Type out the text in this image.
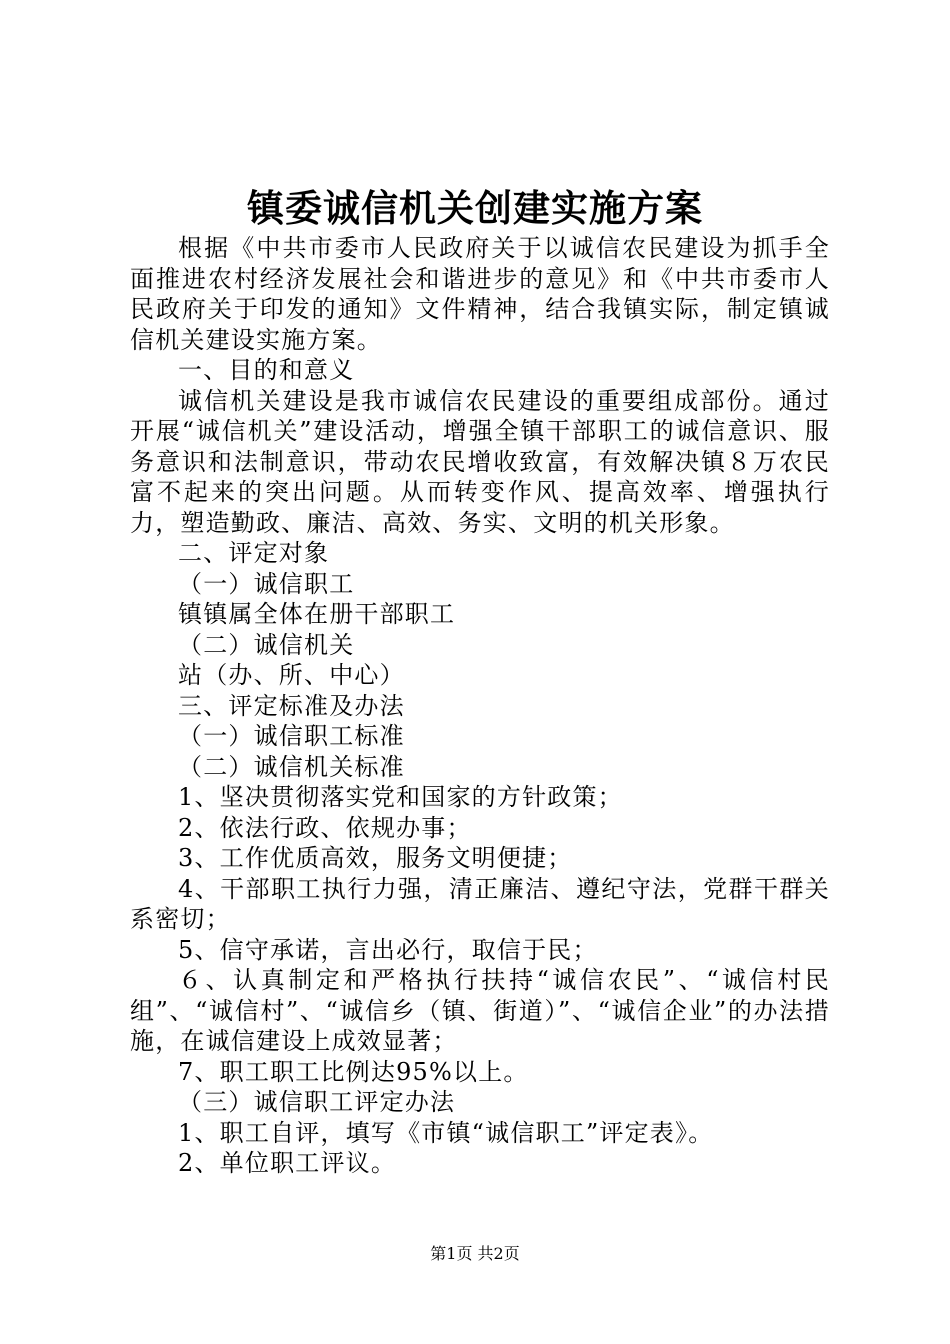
镇委诚信机关创建实施方案

根据《中共市委市人民政府关于以诚信农民建设为抓手全面推进农村经济发展社会和谐进步的意见》和《中共市委市人民政府关于印发的通知》文件精神，结合我镇实际，制定镇诚信机关建设实施方案。

一、目的和意义

诚信机关建设是我市诚信农民建设的重要组成部份。通过开展“诚信机关”建设活动，增强全镇干部职工的诚信意识、服务意识和法制意识，带动农民增收致富，有效解决镇８万农民富不起来的突出问题。从而转变作风、提高效率、增强执行力，塑造勤政、廉洁、高效、务实、文明的机关形象。

二、评定对象

（一）诚信职工

镇镇属全体在册干部职工

（二）诚信机关

站（办、所、中心）

三、评定标准及办法

（一）诚信职工标准

（二）诚信机关标准

1、坚决贯彻落实党和国家的方针政策；

2、依法行政、依规办事；

3、工作优质高效，服务文明便捷；

4、干部职工执行力强，清正廉洁、遵纪守法，党群干群关系密切；

5、信守承诺，言出必行，取信于民；

６、认真制定和严格执行扶持“诚信农民”、“诚信村民组”、“诚信村”、“诚信乡（镇、街道）”、“诚信企业”的办法措施，在诚信建设上成效显著；

7、职工职工比例达95%以上。

（三）诚信职工评定办法

1、职工自评，填写《市镇“诚信职工”评定表》。

2、单位职工评议。

第1页 共2页
